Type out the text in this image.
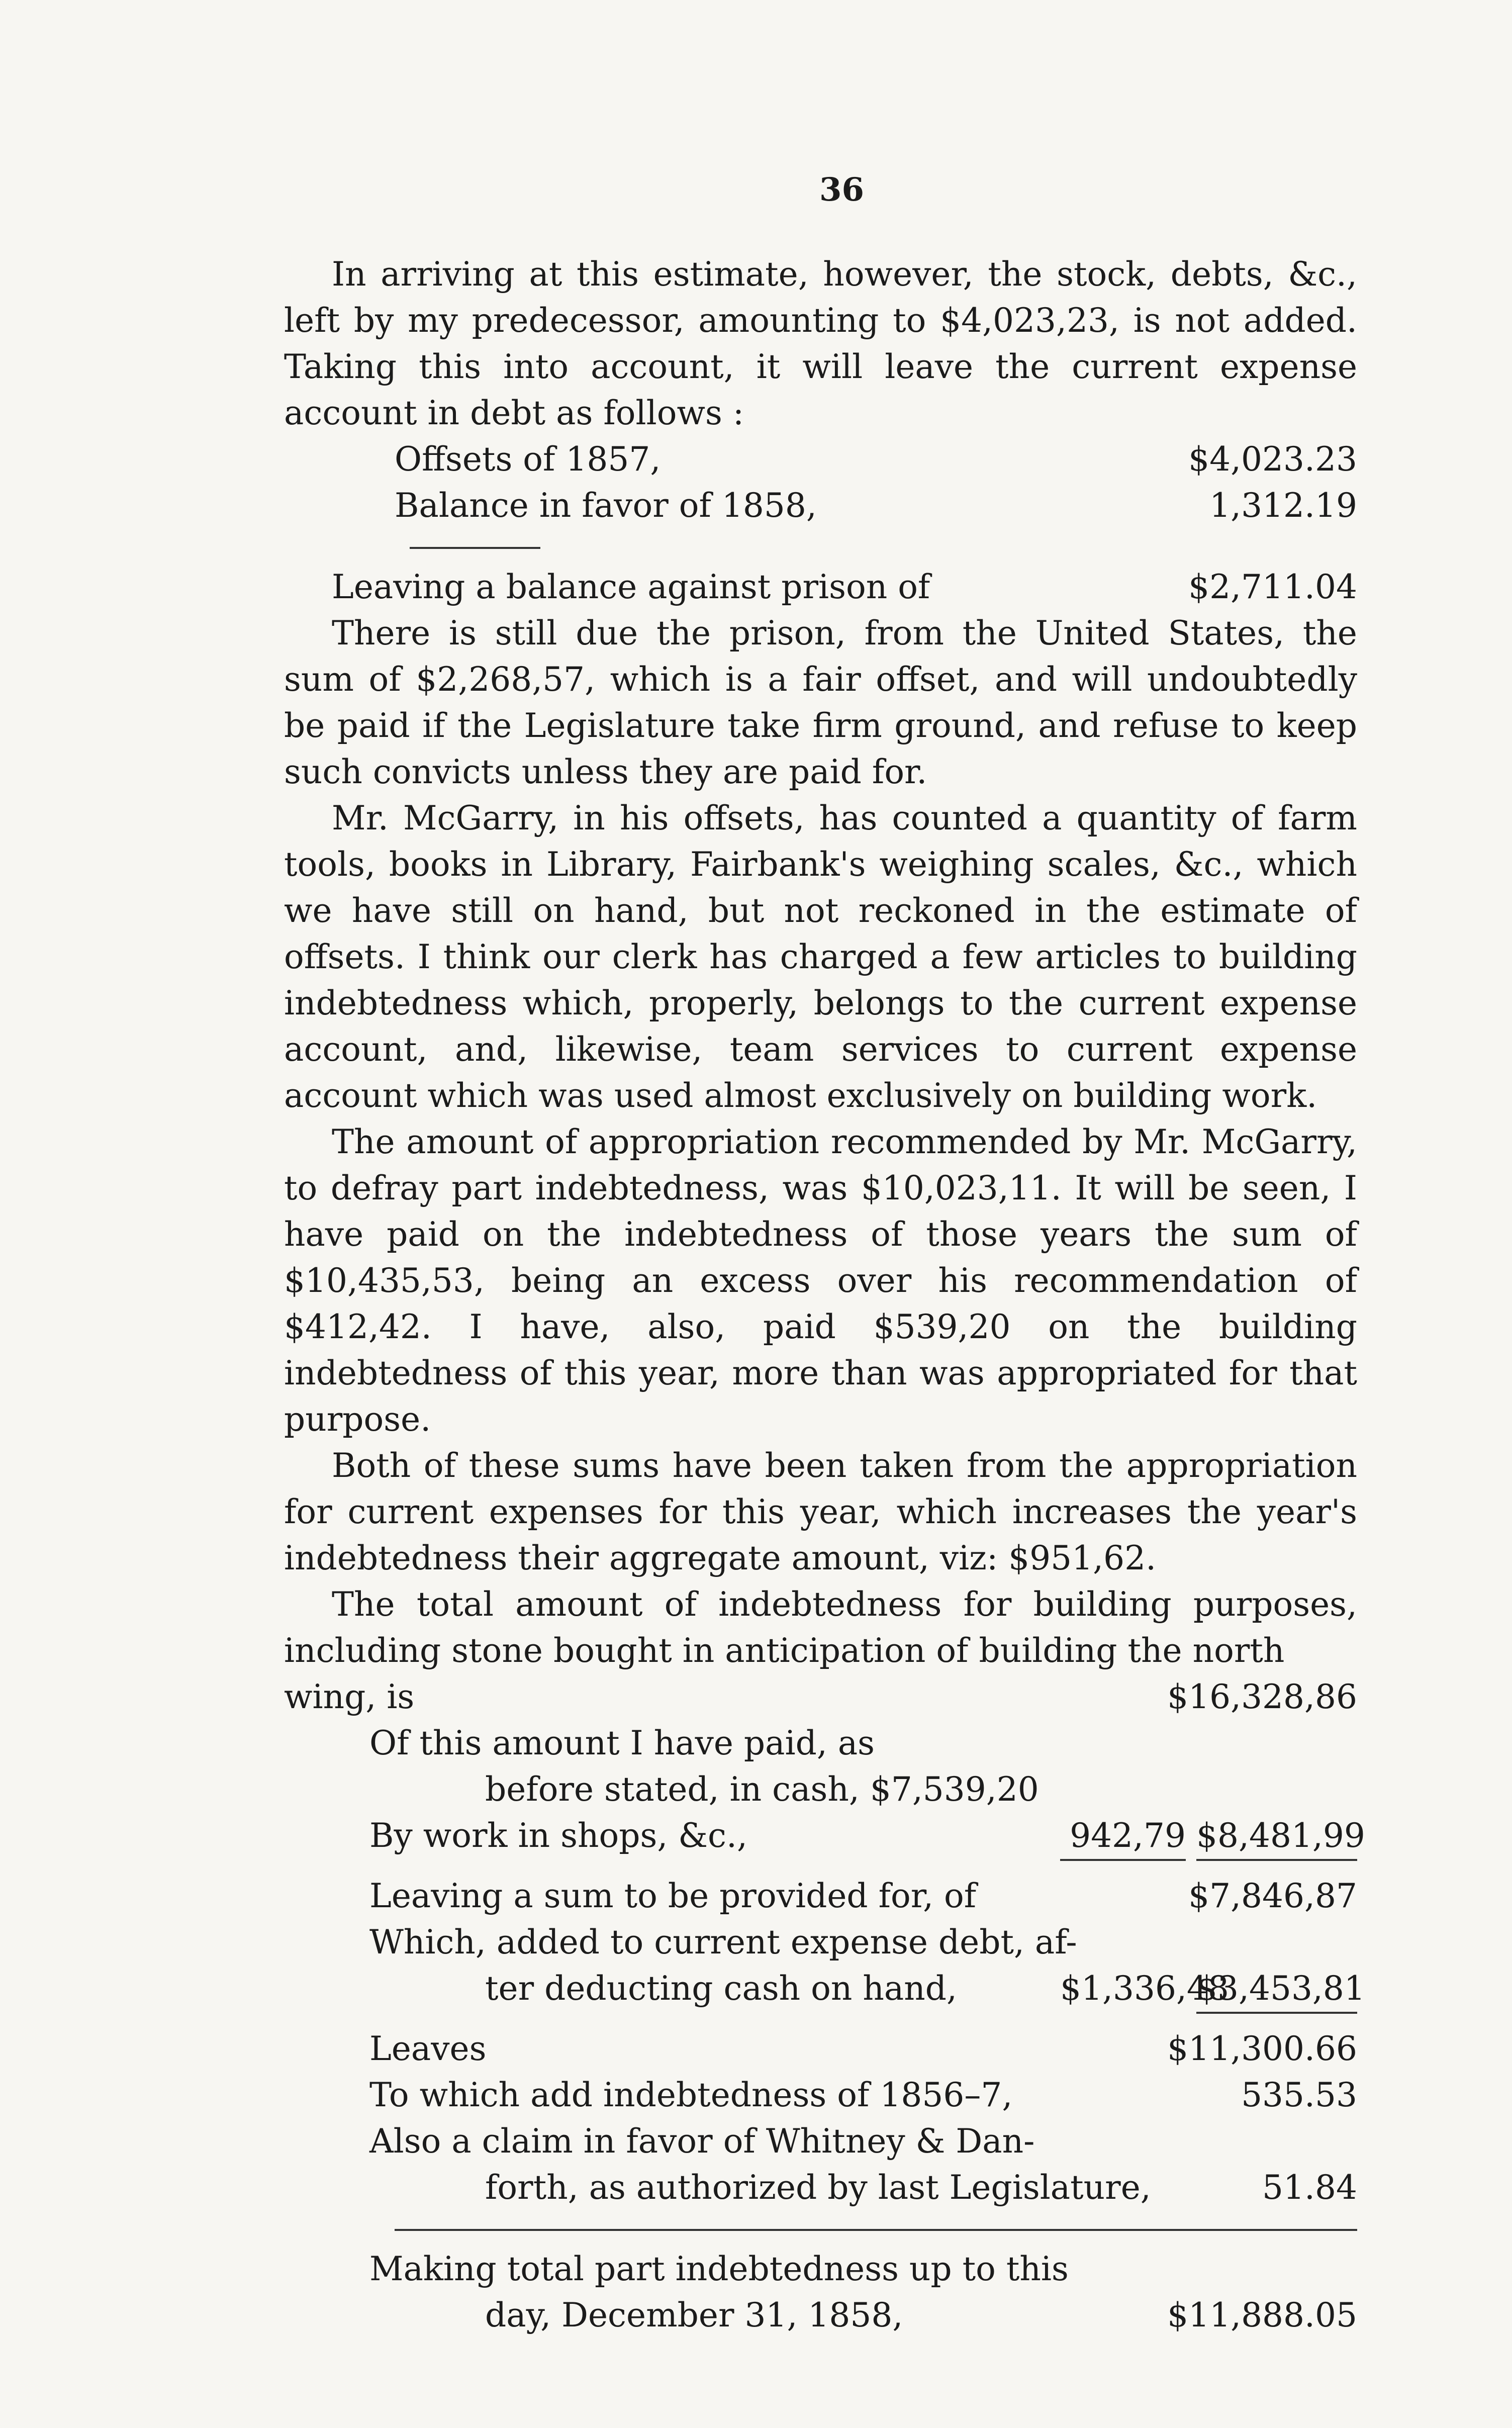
36

In arriving at this estimate, however, the stock, debts, &c., left by my predecessor, amounting to $4,023,23, is not added. Taking this into account, it will leave the current expense account in debt as follows :

Offsets of 1857,	$4,023.23
Balance in favor of 1858,	1,312.19
Leaving a balance against prison of	$2,711.04

There is still due the prison, from the United States, the sum of $2,268,57, which is a fair offset, and will undoubtedly be paid if the Legislature take firm ground, and refuse to keep such convicts unless they are paid for.

Mr. McGarry, in his offsets, has counted a quantity of farm tools, books in Library, Fairbank's weighing scales, &c., which we have still on hand, but not reckoned in the estimate of offsets. I think our clerk has charged a few articles to building indebtedness which, properly, belongs to the current expense account, and, likewise, team services to current expense account which was used almost exclusively on building work.

The amount of appropriation recommended by Mr. McGarry, to defray part indebtedness, was $10,023,11. It will be seen, I have paid on the indebtedness of those years the sum of $10,435,53, being an excess over his recommendation of $412,42. I have, also, paid $539,20 on the building indebtedness of this year, more than was appropriated for that purpose.

Both of these sums have been taken from the appropriation for current expenses for this year, which increases the year's indebtedness their aggregate amount, viz: $951,62.

The total amount of indebtedness for building purposes, including stone bought in anticipation of building the north

wing, is	$16,328,86
Of this amount I have paid, as
before stated, in cash, $7,539,20
By work in shops, &c.,	942,79 $8,481,99
Leaving a sum to be provided for, of	$7,846,87
Which, added to current expense debt, af-
ter deducting cash on hand,	$1,336,48 $3,453,81
Leaves	$11,300.66
To which add indebtedness of 1856–7,	535.53
Also a claim in favor of Whitney & Dan-
forth, as authorized by last Legislature,	51.84
Making total part indebtedness up to this
day, December 31, 1858,	$11,888.05
